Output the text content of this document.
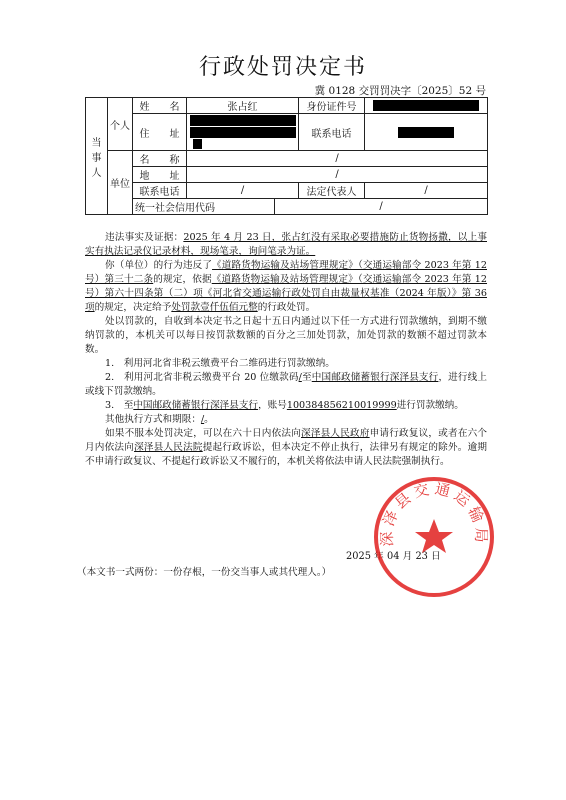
行政处罚决定书
冀 0128 交罚罚决字〔2025〕52 号
当事人	个人	姓　　名	张占红		身份证件号	
		住　　址			联系电话	

	单位	名　　称	/			
		地　　址	/			
		联系电话	/		法定代表人	/
		统一社会信用代码		/		

违法事实及证据：2025 年 4 月 23 日，张占红没有采取必要措施防止货物扬撒，以上事实有执法记录仪记录材料，现场笔录，询问笔录为证。

你（单位）的行为违反了《道路货物运输及站场管理规定》（交通运输部令 2023 年第 12 号）第三十二条的规定，依据《道路货物运输及站场管理规定》（交通运输部令 2023 年第 12 号）第六十四条第（二）项《河北省交通运输行政处罚自由裁量权基准（2024 年版）》第 36 项的规定，决定给予处罚款壹仟伍佰元整的行政处罚。

处以罚款的，自收到本决定书之日起十五日内通过以下任一方式进行罚款缴纳，到期不缴纳罚款的，本机关可以每日按罚款数额的百分之三加处罚款，加处罚款的数额不超过罚款本数。

1.　利用河北省非税云缴费平台二维码进行罚款缴纳。

2.　利用河北省非税云缴费平台 20 位缴款码/至中国邮政储蓄银行深泽县支行，进行线上或线下罚款缴纳。

3.　至中国邮政储蓄银行深泽县支行，账号100384856210019999进行罚款缴纳。

其他执行方式和期限：/。

如果不服本处罚决定，可以在六十日内依法向深泽县人民政府申请行政复议，或者在六个月内依法向深泽县人民法院提起行政诉讼，但本决定不停止执行，法律另有规定的除外。逾期不申请行政复议、不提起行政诉讼又不履行的，本机关将依法申请人民法院强制执行。

2025 年 04 月 23 日
（本文书一式两份：一份存根，一份交当事人或其代理人。）
深泽县交通运输局
